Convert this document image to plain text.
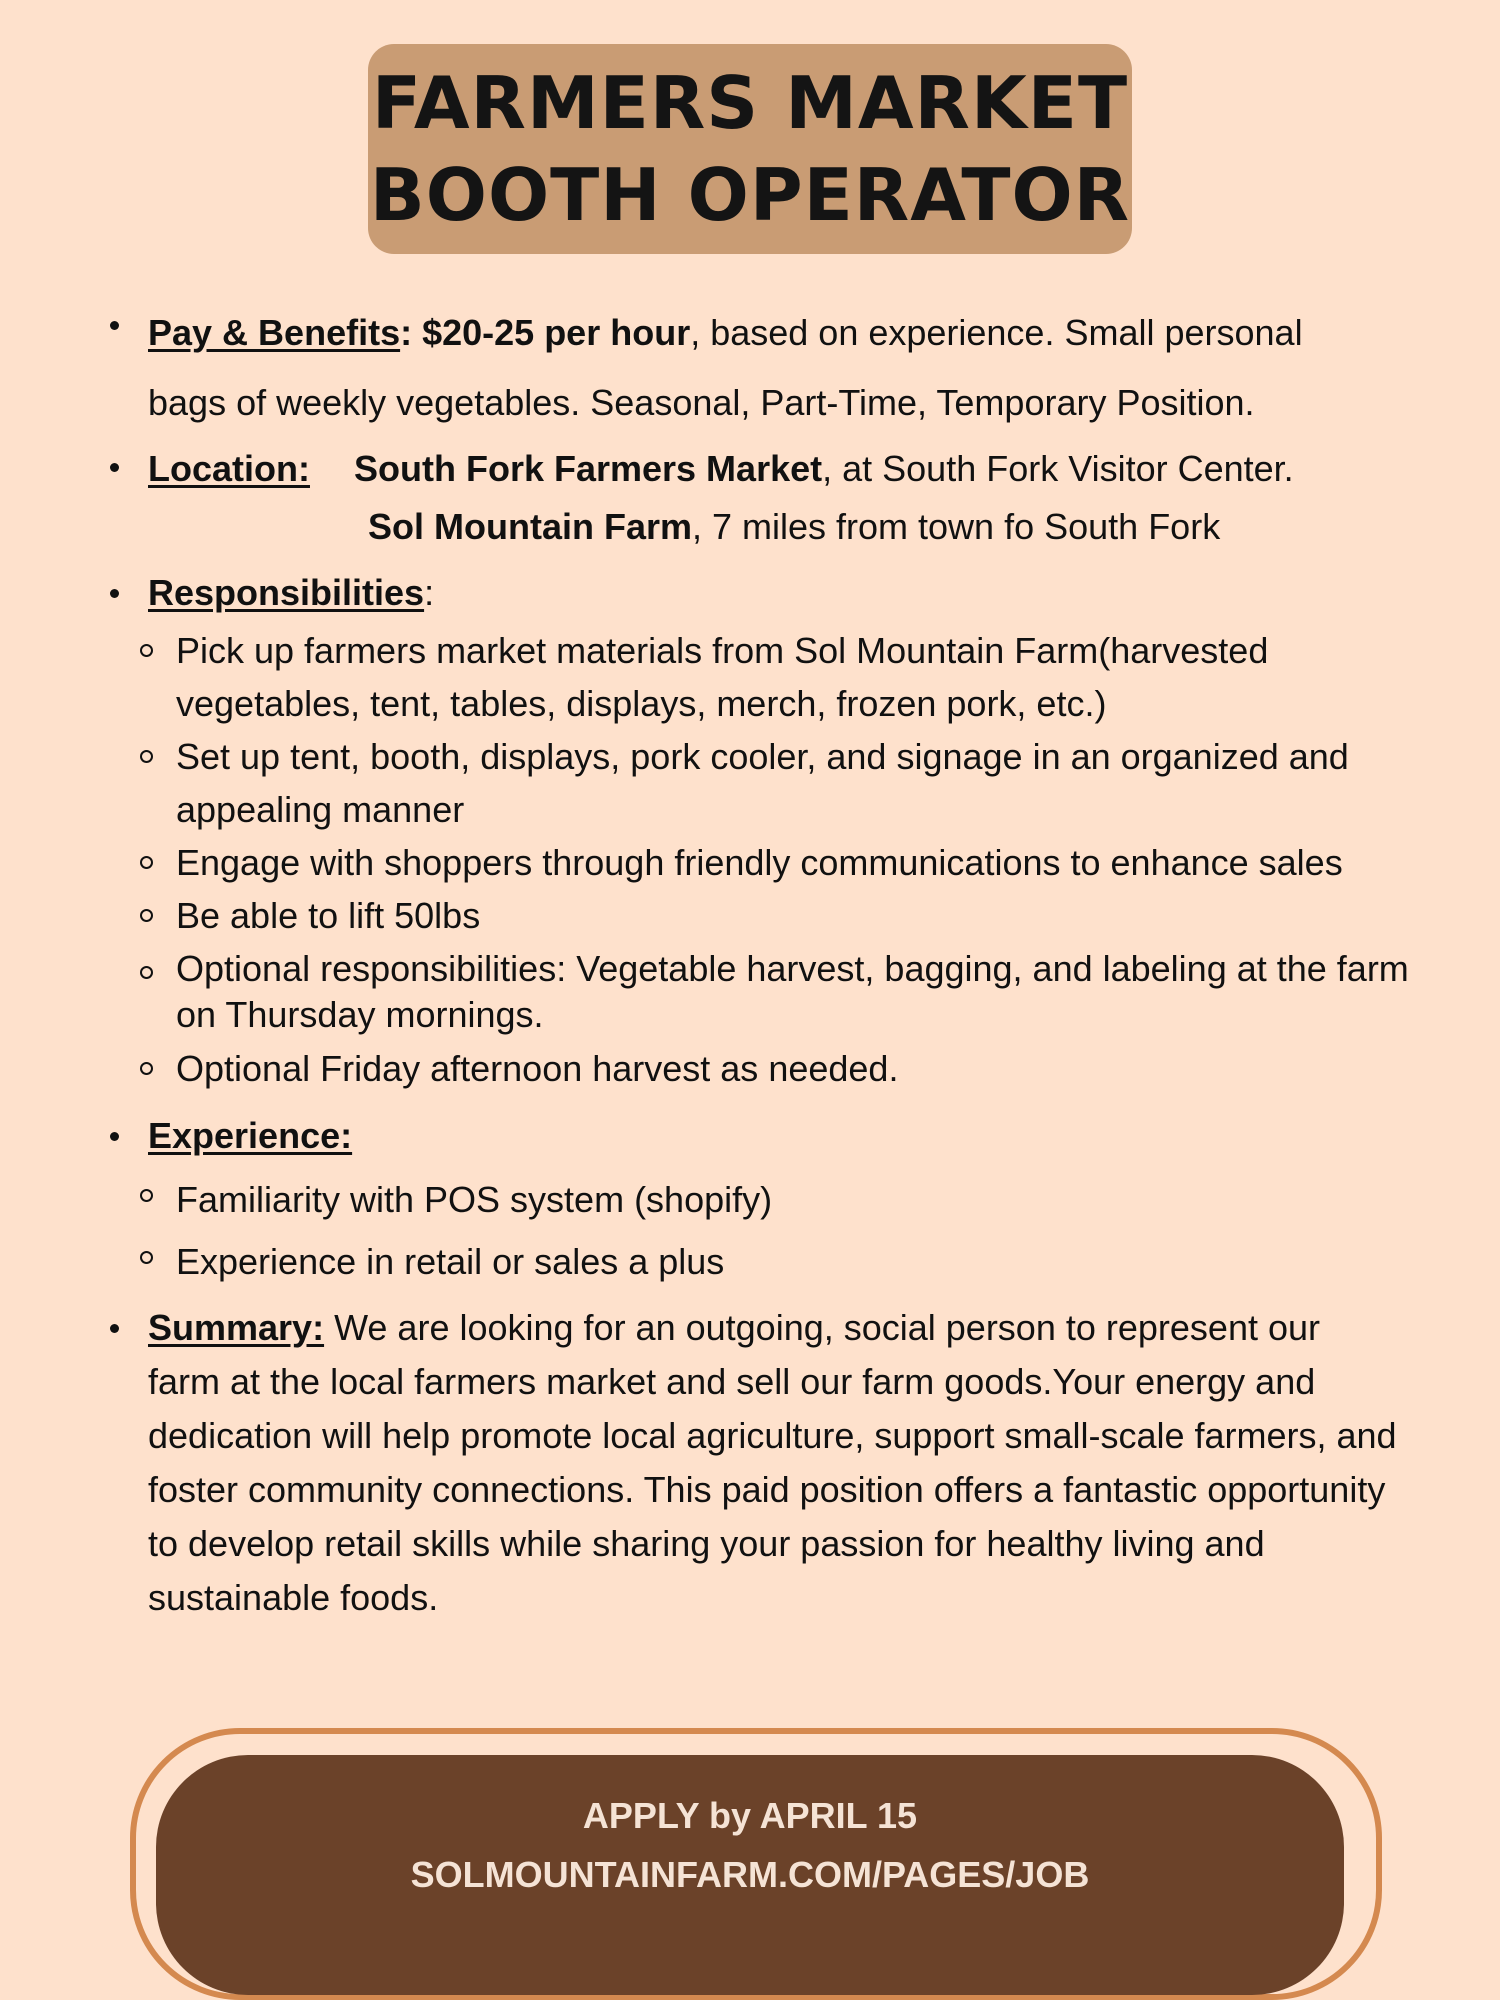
FARMERS MARKET
BOOTH OPERATOR
Pay & Benefits: $20-25 per hour, based on experience. Small personal
bags of weekly vegetables. Seasonal, Part-Time, Temporary Position.
Location: South Fork Farmers Market, at South Fork Visitor Center.
Sol Mountain Farm, 7 miles from town fo South Fork
Responsibilities:
Pick up farmers market materials from Sol Mountain Farm(harvested vegetables, tent, tables, displays, merch, frozen pork, etc.)
Set up tent, booth, displays, pork cooler, and signage in an organized and appealing manner
Engage with shoppers through friendly communications to enhance sales
Be able to lift 50lbs
Optional responsibilities: Vegetable harvest, bagging, and labeling at the farm on Thursday mornings.
Optional Friday afternoon harvest as needed.
Experience:
Familiarity with POS system (shopify)
Experience in retail or sales a plus
Summary: We are looking for an outgoing, social person to represent our farm at the local farmers market and sell our farm goods.Your energy and dedication will help promote local agriculture, support small-scale farmers, and foster community connections. This paid position offers a fantastic opportunity to develop retail skills while sharing your passion for healthy living and sustainable foods.
APPLY by APRIL 15
SOLMOUNTAINFARM.COM/PAGES/JOB
